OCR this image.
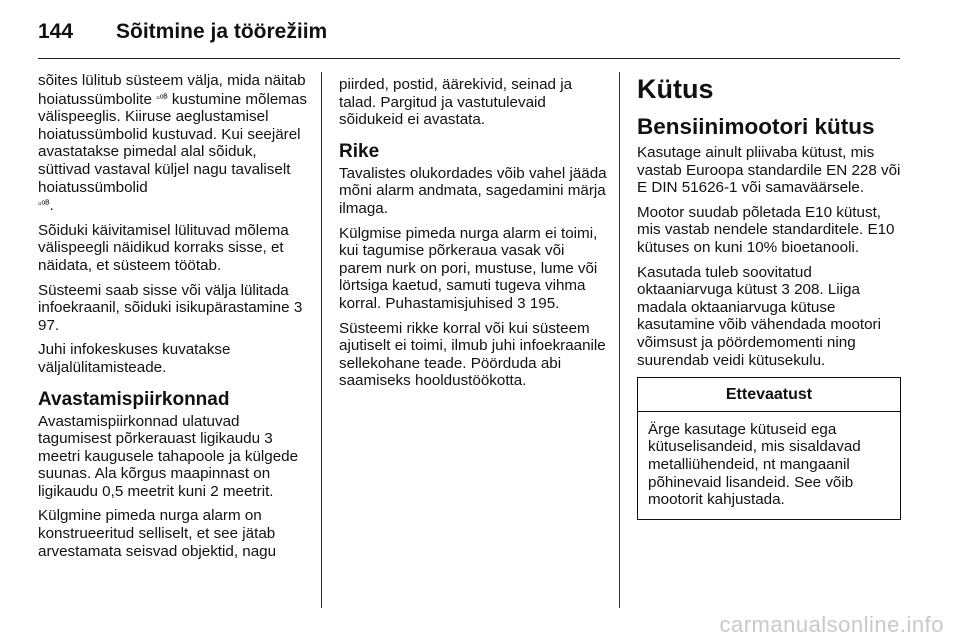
144 Sõitmine ja töörežiim

sõites lülitub süsteem välja, mida näitab hoiatussümbolite ▫ᵒᴮ kustumine mõlemas välispeeglis. Kiiruse aeglustamisel hoiatussümbolid kustuvad. Kui seejärel avastatakse pimedal alal sõiduk, süttivad vastaval küljel nagu tavaliselt hoiatussümbolid
▫ᵒᴮ.

Sõiduki käivitamisel lülituvad mõlema välispeegli näidikud korraks sisse, et näidata, et süsteem töötab.

Süsteemi saab sisse või välja lülitada infoekraanil, sõiduki isikupärastamine 3 97.

Juhi infokeskuses kuvatakse väljalülitamisteade.

Avastamispiirkonnad

Avastamispiirkonnad ulatuvad tagumisest põrkerauast ligikaudu 3 meetri kaugusele tahapoole ja külgede suunas. Ala kõrgus maapinnast on ligikaudu 0,5 meetrit kuni 2 meetrit.

Külgmine pimeda nurga alarm on konstrueeritud selliselt, et see jätab arvestamata seisvad objektid, nagu

piirded, postid, äärekivid, seinad ja talad. Pargitud ja vastutulevaid sõidukeid ei avastata.

Rike

Tavalistes olukordades võib vahel jääda mõni alarm andmata, sagedamini märja ilmaga.

Külgmise pimeda nurga alarm ei toimi, kui tagumise põrkeraua vasak või parem nurk on pori, mustuse, lume või lörtsiga kaetud, samuti tugeva vihma korral. Puhastamisjuhised 3 195.

Süsteemi rikke korral või kui süsteem ajutiselt ei toimi, ilmub juhi infoekraanile sellekohane teade. Pöörduda abi saamiseks hooldustöökotta.

Kütus
Bensiinimootori kütus

Kasutage ainult pliivaba kütust, mis vastab Euroopa standardile EN 228 või E DIN 51626-1 või samaväärsele.

Mootor suudab põletada E10 kütust, mis vastab nendele standarditele. E10 kütuses on kuni 10% bioetanooli.

Kasutada tuleb soovitatud oktaaniarvuga kütust 3 208. Liiga madala oktaaniarvuga kütuse kasutamine võib vähendada mootori võimsust ja pöördemomenti ning suurendab veidi kütusekulu.

Ettevaatust
Ärge kasutage kütuseid ega kütuselisandeid, mis sisaldavad metalliühendeid, nt mangaanil põhinevaid lisandeid. See võib mootorit kahjustada.
carmanualsonline.info
